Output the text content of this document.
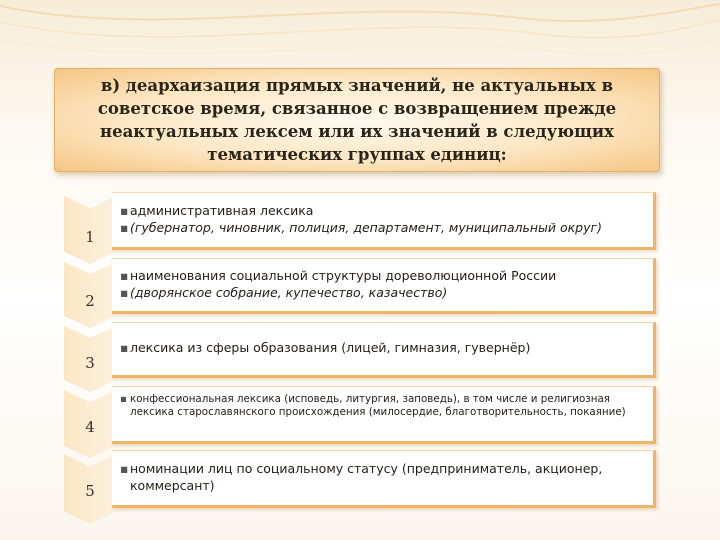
в) деархаизация прямых значений, не актуальных в советское время, связанное с возвращением прежде неактуальных лексем или их значений в следующих тематических группах единиц:
1
▪ административная лексика
▪ (губернатор, чиновник, полиция, департамент, муниципальный округ)
2
▪ наименования социальной структуры дореволюционной России
▪ (дворянское собрание, купечество, казачество)
3
▪ лексика из сферы образования (лицей, гимназия, гувернёр)
4
▪ конфессиональная лексика (исповедь, литургия, заповедь), в том числе и религиозная лексика старославянского происхождения (милосердие, благотворительность, покаяние)
5
▪ номинации лиц по социальному статусу (предприниматель, акционер, коммерсант)
